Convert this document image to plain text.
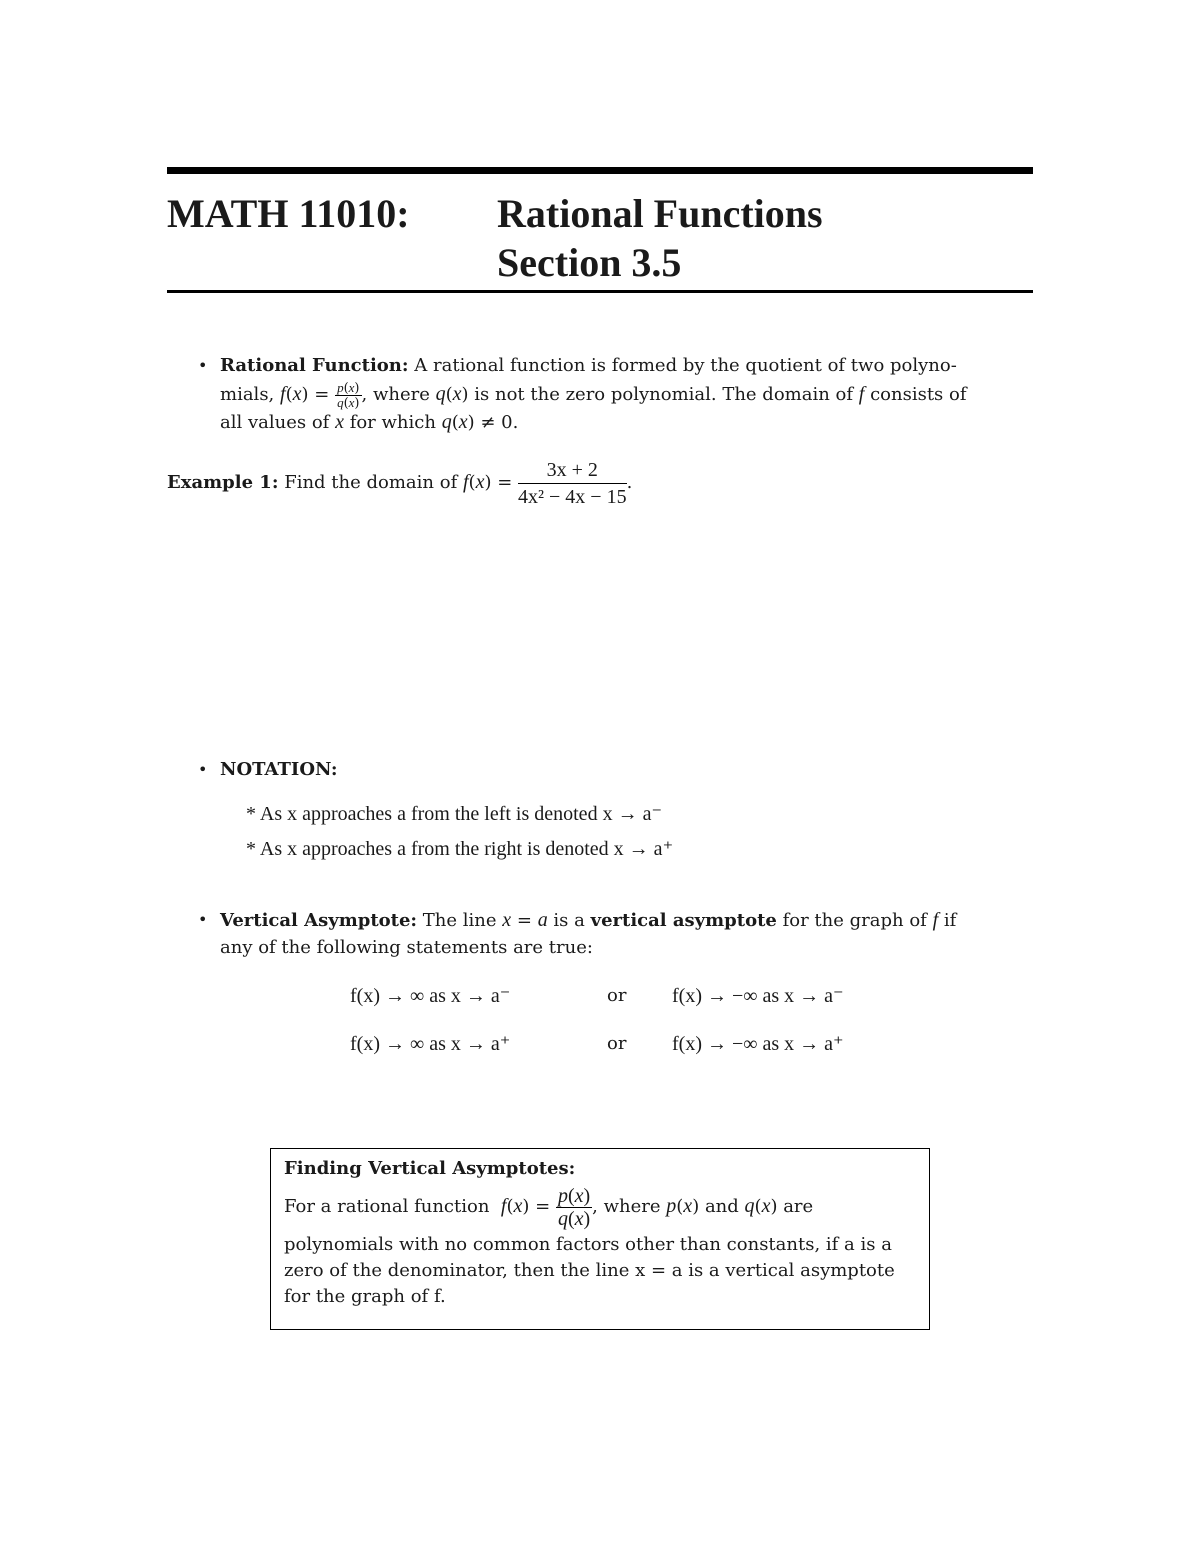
MATH 11010: Rational Functions
Section 3.5
• Rational Function: A rational function is formed by the quotient of two polyno-
mials, $f(x) = \frac{p(x)}{q(x)}$ , where q(x) is not the zero polynomial. The domain of f consists of
all values of x for which q(x) ≠ 0.
Example 1: Find the domain of $f(x) = \frac{3x + 2}{\text{4x² − 4x − 15}}$ .
• NOTATION:
* As x approaches a from the left is denoted x → a⁻
* As x approaches a from the right is denoted x → a⁺
• Vertical Asymptote: The line x = a is a vertical asymptote for the graph of f if
any of the following statements are true:
f(x) → ∞ as x → a⁻	or f(x) → −∞ as x → a⁻
f(x) → ∞ as x → a⁺	or f(x) → −∞ as x → a⁺
Finding Vertical Asymptotes:
For a rational function $f(x) = \frac{p(x)}{q(x)}$ , where p(x) and q(x) are
polynomials with no common factors other than constants, if a is a
zero of the denominator, then the line x = a is a vertical asymptote
for the graph of f.
